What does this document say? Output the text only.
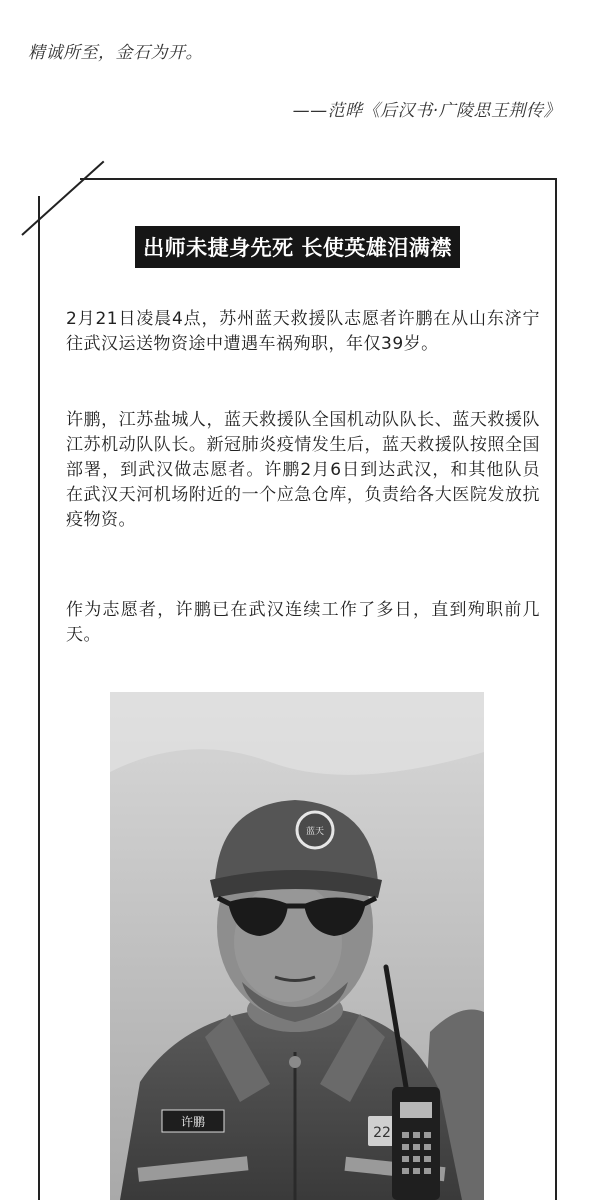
精诚所至，金石为开。
——范晔《后汉书·广陵思王荆传》
出师未捷身先死 长使英雄泪满襟

2月21日凌晨4点，苏州蓝天救援队志愿者许鹏在从山东济宁往武汉运送物资途中遭遇车祸殉职，年仅39岁。

许鹏，江苏盐城人，蓝天救援队全国机动队队长、蓝天救援队江苏机动队队长。新冠肺炎疫情发生后，蓝天救援队按照全国部署，到武汉做志愿者。许鹏2月6日到达武汉，和其他队员在武汉天河机场附近的一个应急仓库，负责给各大医院发放抗疫物资。

作为志愿者，许鹏已在武汉连续工作了多日，直到殉职前几天。

许鹏
22
蓝天
